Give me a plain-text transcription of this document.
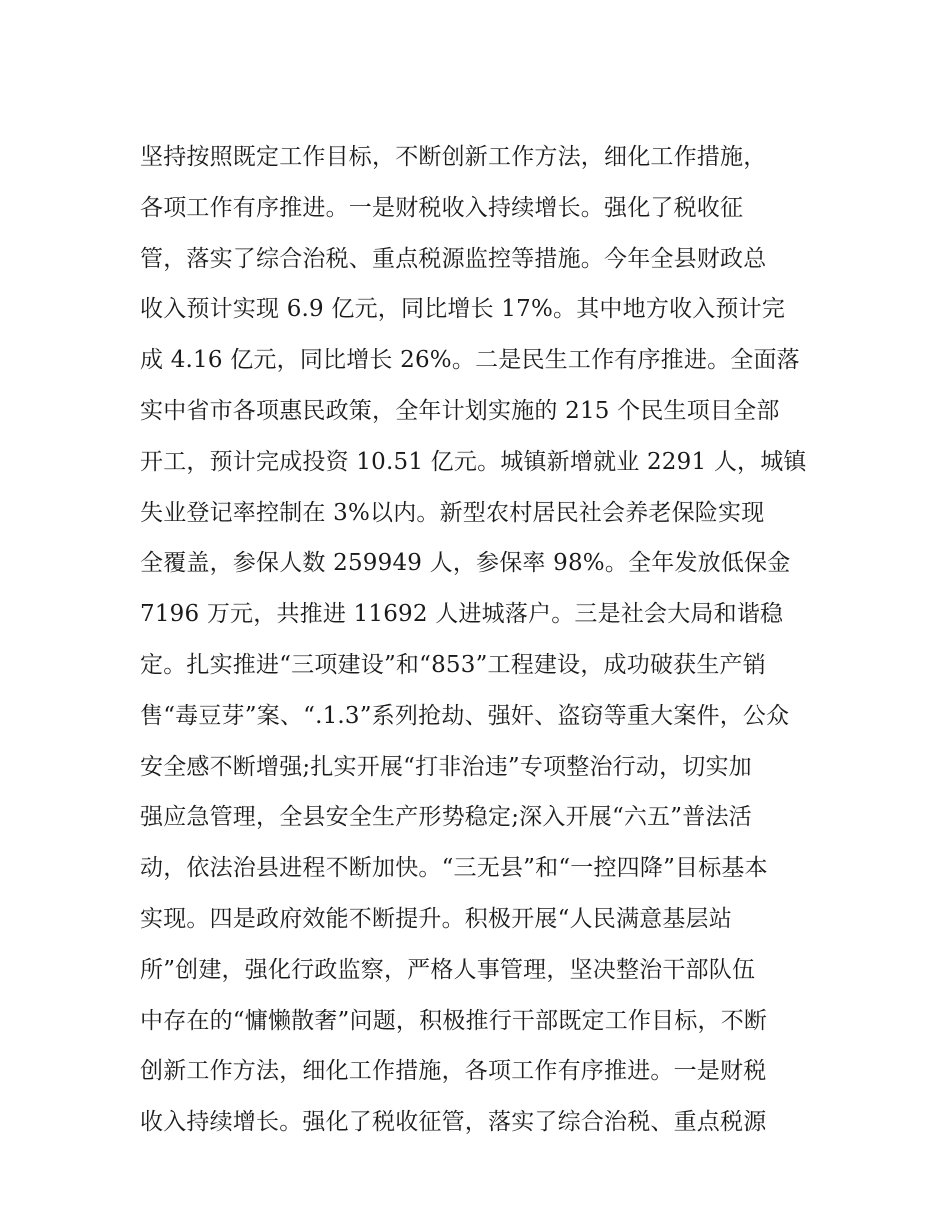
坚持按照既定工作目标，不断创新工作方法，细化工作措施，
各项工作有序推进。一是财税收入持续增长。强化了税收征
管，落实了综合治税、重点税源监控等措施。今年全县财政总
收入预计实现 6.9 亿元，同比增长 17%。其中地方收入预计完
成 4.16 亿元，同比增长 26%。二是民生工作有序推进。全面落
实中省市各项惠民政策，全年计划实施的 215 个民生项目全部
开工，预计完成投资 10.51 亿元。城镇新增就业 2291 人，城镇
失业登记率控制在 3%以内。新型农村居民社会养老保险实现
全覆盖，参保人数 259949 人，参保率 98%。全年发放低保金
7196 万元，共推进 11692 人进城落户。三是社会大局和谐稳
定。扎实推进“三项建设”和“853”工程建设，成功破获生产销
售“毒豆芽”案、“.1.3”系列抢劫、强奸、盗窃等重大案件，公众
安全感不断增强;扎实开展“打非治违”专项整治行动，切实加
强应急管理，全县安全生产形势稳定;深入开展“六五”普法活
动，依法治县进程不断加快。“三无县”和“一控四降”目标基本
实现。四是政府效能不断提升。积极开展“人民满意基层站
所”创建，强化行政监察，严格人事管理，坚决整治干部队伍
中存在的“慵懒散奢”问题，积极推行干部既定工作目标，不断
创新工作方法，细化工作措施，各项工作有序推进。一是财税
收入持续增长。强化了税收征管，落实了综合治税、重点税源
